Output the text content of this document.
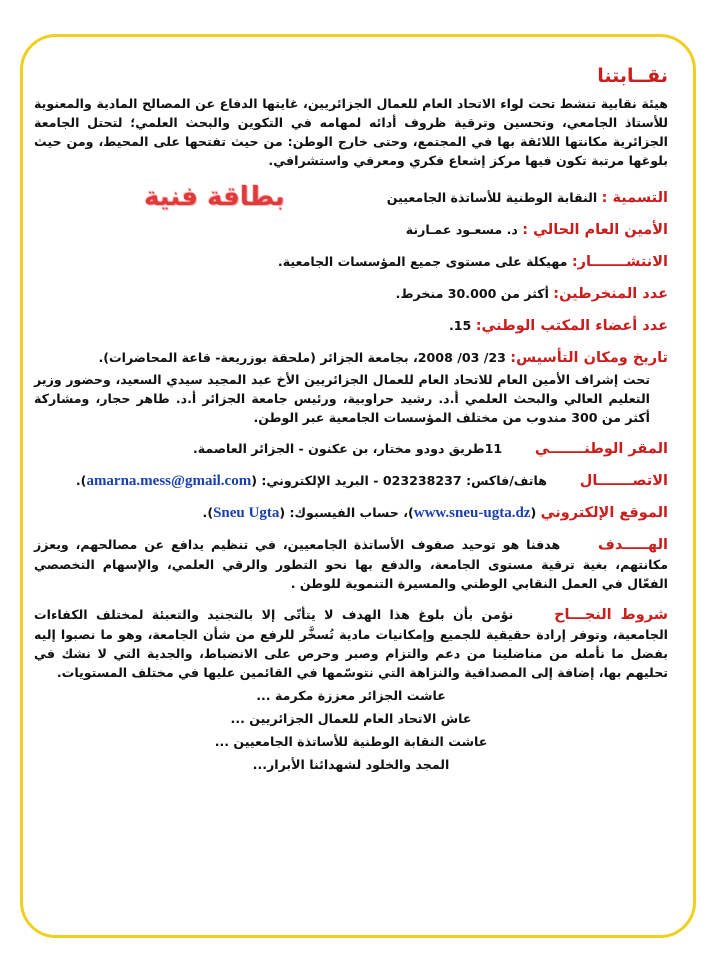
نقــابتنا

هيئة نقابية تنشط تحت لواء الاتحاد العام للعمال الجزائريين، غايتها الدفاع عن المصالح المادية والمعنوية للأستاذ الجامعي، وتحسين وترقية ظروف أدائه لمهامه في التكوين والبحث العلمي؛ لتحتل الجامعة الجزائرية مكانتها اللائقة بها في المجتمع، وحتى خارج الوطن: من حيث تفتحها على المحيط، ومن حيث بلوغها مرتبة تكون فيها مركز إشعاع فكري ومعرفي واستشرافي.

التسمية : النقابة الوطنية للأساتذة الجامعيين
بطاقة فنية
الأمين العام الحالي : د. مسعـود عمـارنة
الانتشـــــــار: مهيكلة على مستوى جميع المؤسسات الجامعية.
عدد المنخرطين: أكثر من 30.000 منخرط.
عدد أعضاء المكتب الوطني: 15.
تاريخ ومكان التأسيس: 23/ 03/ 2008، بجامعة الجزائر (ملحقة بوزريعة- قاعة المحاضرات).
تحت إشراف الأمين العام للاتحاد العام للعمال الجزائريين الأخ عبد المجيد سيدي السعيد، وحضور وزير التعليم العالي والبحث العلمي أ.د. رشيد حراوبية، ورئيس جامعة الجزائر أ.د. طاهر حجار، ومشاركة أكثر من 300 مندوب من مختلف المؤسسات الجامعية عبر الوطن.
المقر الوطنـــــــي  11طريق دودو مختار، بن عكنون - الجزائر العاصمة.
الاتصـــــــال  هاتف/فاكس: 023238237 - البريد الإلكتروني: (amarna.mess@gmail.com).
الموقع الإلكتروني (www.sneu-ugta.dz)، حساب الفيسبوك: (Sneu Ugta).
الهـــــدف  هدفنا هو توحيد صفوف الأساتذة الجامعيين، في تنظيم يدافع عن مصالحهم، ويعزز مكانتهم، بغية ترقية مستوى الجامعة، والدفع بها نحو التطور والرقي العلمي، والإسهام التخصصي الفعّال في العمل النقابي الوطني والمسيرة التنموية للوطن .
شروط النجـــاح  نؤمن بأن بلوغ هذا الهدف لا يتأتّى إلا بالتجنيد والتعبئة لمختلف الكفاءات الجامعية، وتوفر إرادة حقيقية للجميع وإمكانيات مادية تُسخَّر للرفع من شأن الجامعة، وهو ما نصبوا إليه بفضل ما نأمله من مناضلينا من دعم والتزام وصبر وحرص على الانضباط، والجدية التي لا نشك في تحليهم بها، إضافة إلى المصداقية والنزاهة التي نتوسّمها في القائمين عليها في مختلف المستويات.
عاشت الجزائر معززة مكرمة ...
عاش الاتحاد العام للعمال الجزائريين ...
عاشت النقابة الوطنية للأساتذة الجامعيين ...
المجد والخلود لشهدائنا الأبرار...
